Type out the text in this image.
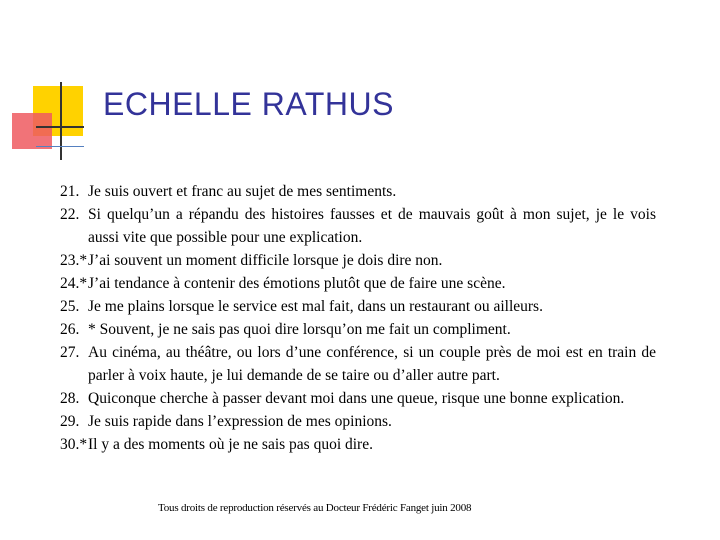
ECHELLE RATHUS
21. Je suis ouvert et franc au sujet de mes sentiments.
22. Si quelqu’un a répandu des histoires fausses et de mauvais goût à mon sujet, je le vois aussi vite que possible pour une explication.
23.* J’ai souvent un moment difficile lorsque je dois dire non.
24.* J’ai tendance à contenir des émotions plutôt que de faire une scène.
25. Je me plains lorsque le service est mal fait, dans un restaurant ou ailleurs.
26. * Souvent, je ne sais pas quoi dire lorsqu’on me fait un compliment.
27. Au cinéma, au théâtre, ou lors d’une conférence, si un couple près de moi est en train de parler à voix haute, je lui demande de se taire ou d’aller autre part.
28. Quiconque cherche à passer devant moi dans une queue, risque une bonne explication.
29. Je suis rapide dans l’expression de mes opinions.
30.* Il y a des moments où je ne sais pas quoi dire.
Tous droits de reproduction réservés au Docteur Frédéric Fanget juin 2008
